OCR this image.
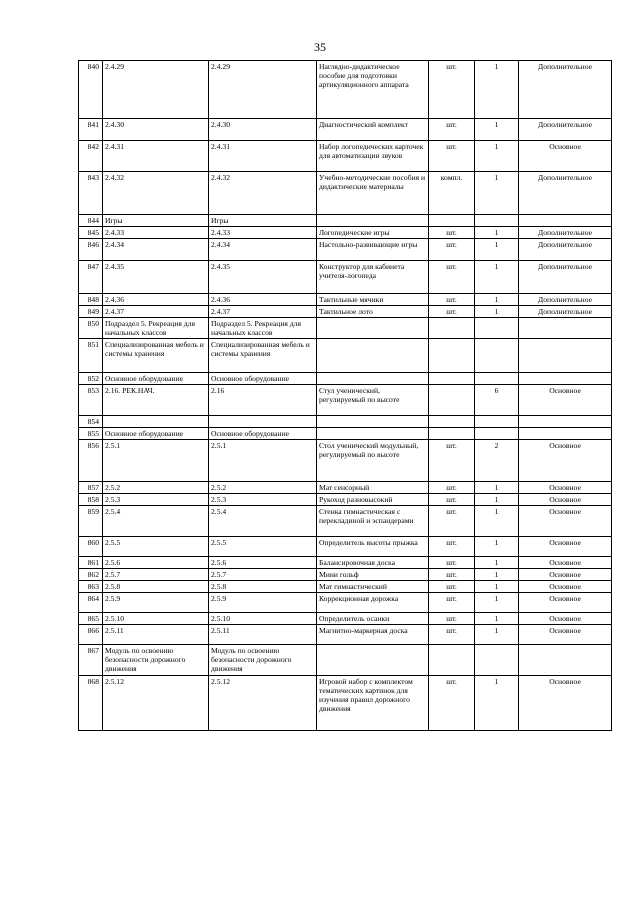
35
840	2.4.29	2.4.29	Наглядно-дидактическое пособие для подготовки артикуляционного аппарата	шт.	1	Дополнительное
841	2.4.30	2.4.30	Диагностический комплект	шт.	1	Дополнительное
842	2.4.31	2.4.31	Набор логопедических карточек для автоматизации звуков	шт.	1	Основное
843	2.4.32	2.4.32	Учебно-методические пособия и дидактические материалы	компл.	1	Дополнительное
844	Игры	Игры				
845	2.4.33	2.4.33	Логопедические игры	шт.	1	Дополнительное
846	2.4.34	2.4.34	Настольно-развивающие игры	шт.	1	Дополнительное
847	2.4.35	2.4.35	Конструктор для кабинета учителя-логопеда	шт.	1	Дополнительное
848	2.4.36	2.4.36	Тактильные мячики	шт.	1	Дополнительное
849	2.4.37	2.4.37	Тактильное лото	шт.	1	Дополнительное
850	Подраздел 5. Рекреация для начальных классов	Подраздел 5. Рекреация для начальных классов				
851	Специализированная мебель и системы хранения	Специализированная мебель и системы хранения				
852	Основное оборудование	Основное оборудование				
853	2.16. РЕК.НАЧ.	2.16	Стул ученический, регулируемый по высоте		6	Основное
854						
855	Основное оборудование	Основное оборудование				
856	2.5.1	2.5.1	Стол ученический модульный, регулируемый по высоте	шт.	2	Основное
857	2.5.2	2.5.2	Мат сенсорный	шт.	1	Основное
858	2.5.3	2.5.3	Рукоход разновысокий	шт.	1	Основное
859	2.5.4	2.5.4	Стенка гимнастическая с перекладиной и эспандерами	шт.	1	Основное
860	2.5.5	2.5.5	Определитель высоты прыжка	шт.	1	Основное
861	2.5.6	2.5.6	Балансировочная доска	шт.	1	Основное
862	2.5.7	2.5.7	Мини гольф	шт.	1	Основное
863	2.5.8	2.5.8	Мат гимнастический	шт.	1	Основное
864	2.5.9	2.5.9	Коррекционная дорожка	шт.	1	Основное
865	2.5.10	2.5.10	Определитель осанки	шт.	1	Основное
866	2.5.11	2.5.11	Магнитно-маркерная доска	шт.	1	Основное
867	Модуль по освоению безопасности дорожного движения	Модуль по освоению безопасности дорожного движения				
868	2.5.12	2.5.12	Игровой набор с комплектом тематических картинок для изучения правил дорожного движения	шт.	1	Основное
